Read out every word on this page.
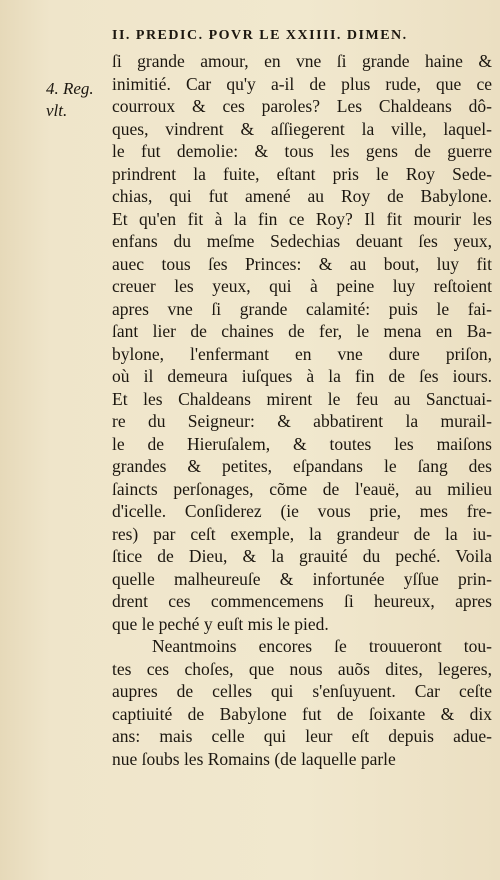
II. PREDIC. POVR LE XXIIII. DIMEN.
4. Reg.
vlt.
ſi grande amour, en vne ſi grande haine &
inimitié. Car qu'y a-il de plus rude, que ce
courroux & ces paroles? Les Chaldeans dô-
ques, vindrent & aſſiegerent la ville, laquel-
le fut demolie: & tous les gens de guerre
prindrent la fuite, eſtant pris le Roy Sede-
chias, qui fut amené au Roy de Babylone.
Et qu'en fit à la fin ce Roy? Il fit mourir les
enfans du meſme Sedechias deuant ſes yeux,
auec tous ſes Princes: & au bout, luy fit
creuer les yeux, qui à peine luy reſtoient
apres vne ſi grande calamité: puis le fai-
ſant lier de chaines de fer, le mena en Ba-
bylone, l'enfermant en vne dure priſon,
où il demeura iuſques à la fin de ſes iours.
Et les Chaldeans mirent le feu au Sanctuai-
re du Seigneur: & abbatirent la murail-
le de Hieruſalem, & toutes les maiſons
grandes & petites, eſpandans le ſang des
ſaincts perſonages, cõme de l'eauë, au milieu
d'icelle. Conſiderez (ie vous prie, mes fre-
res) par ceſt exemple, la grandeur de la iu-
ſtice de Dieu, & la grauité du peché. Voila
quelle malheureuſe & infortunée yſſue prin-
drent ces commencemens ſi heureux, apres
que le peché y euſt mis le pied.
Neantmoins encores ſe trouueront tou-
tes ces choſes, que nous auõs dites, legeres,
aupres de celles qui s'enſuyuent. Car ceſte
captiuité de Babylone fut de ſoixante & dix
ans: mais celle qui leur eſt depuis adue-
nue ſoubs les Romains (de laquelle parle
